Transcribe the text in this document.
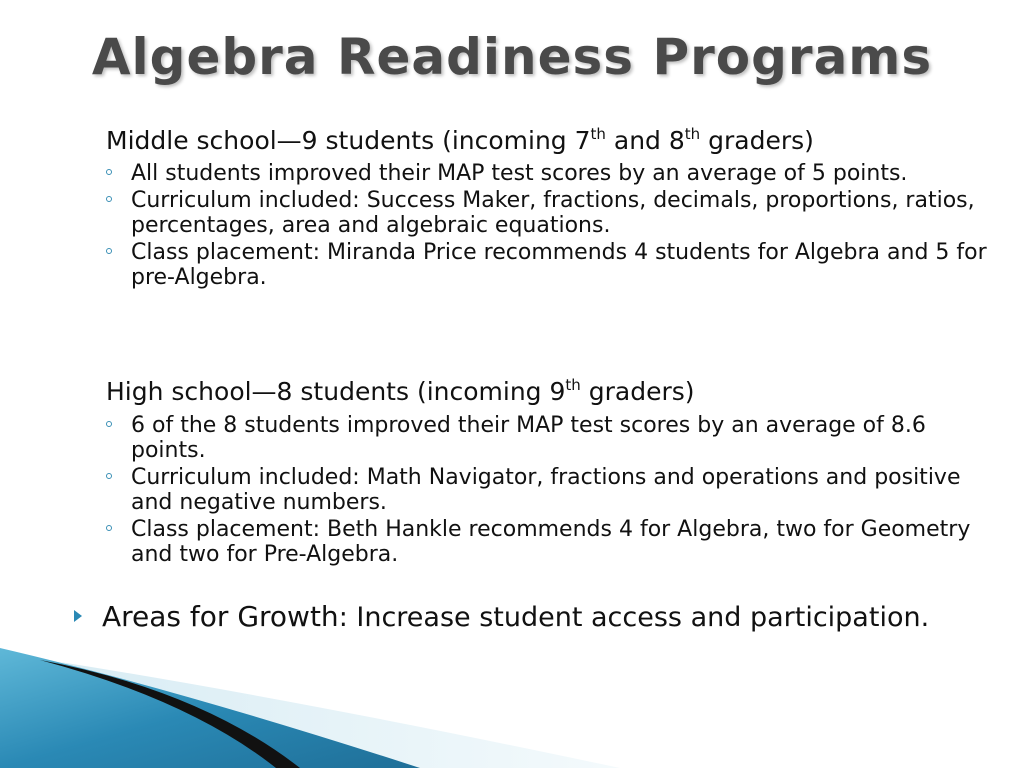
Algebra Readiness Programs
Middle school—9 students (incoming 7th and 8th graders)
All students improved their MAP test scores by an average of 5 points.
Curriculum included: Success Maker, fractions, decimals, proportions, ratios, percentages, area and algebraic equations.
Class placement: Miranda Price recommends 4 students for Algebra and 5 for pre-Algebra.
High school—8 students (incoming 9th graders)
6 of the 8 students improved their MAP test scores by an average of 8.6 points.
Curriculum included: Math Navigator, fractions and operations and positive and negative numbers.
Class placement: Beth Hankle recommends 4 for Algebra, two for Geometry and two for Pre-Algebra.
Areas for Growth: Increase student access and participation.
